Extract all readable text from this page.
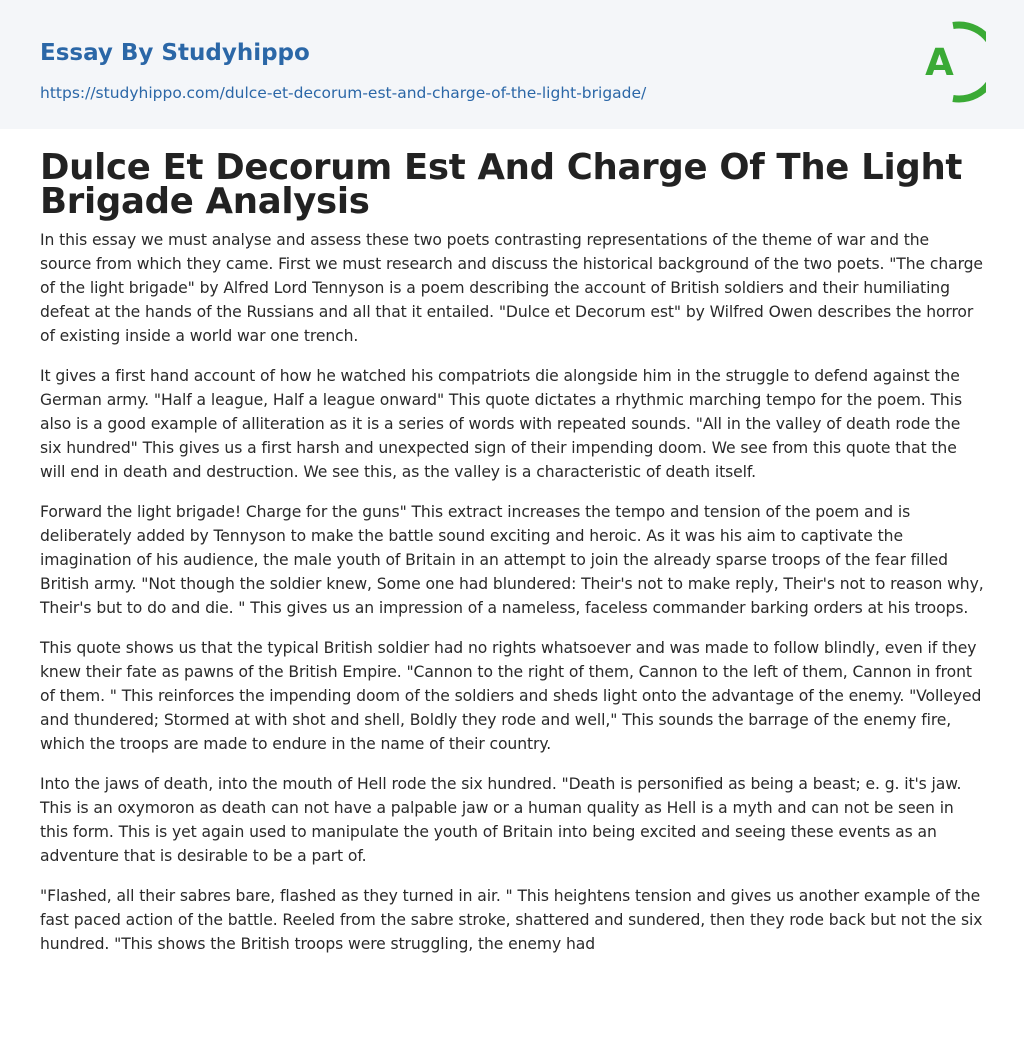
Essay By Studyhippo
https://studyhippo.com/dulce-et-decorum-est-and-charge-of-the-light-brigade/
A
Dulce Et Decorum Est And Charge Of The Light Brigade Analysis

In this essay we must analyse and assess these two poets contrasting representations of the theme of war and the source from which they came. First we must research and discuss the historical background of the two poets. "The charge of the light brigade" by Alfred Lord Tennyson is a poem describing the account of British soldiers and their humiliating defeat at the hands of the Russians and all that it entailed. "Dulce et Decorum est" by Wilfred Owen describes the horror of existing inside a world war one trench.

It gives a first hand account of how he watched his compatriots die alongside him in the struggle to defend against the German army. "Half a league, Half a league onward" This quote dictates a rhythmic marching tempo for the poem. This also is a good example of alliteration as it is a series of words with repeated sounds. "All in the valley of death rode the six hundred" This gives us a first harsh and unexpected sign of their impending doom. We see from this quote that the will end in death and destruction. We see this, as the valley is a characteristic of death itself.

Forward the light brigade! Charge for the guns" This extract increases the tempo and tension of the poem and is deliberately added by Tennyson to make the battle sound exciting and heroic. As it was his aim to captivate the imagination of his audience, the male youth of Britain in an attempt to join the already sparse troops of the fear filled British army. "Not though the soldier knew, Some one had blundered: Their's not to make reply, Their's not to reason why, Their's but to do and die. " This gives us an impression of a nameless, faceless commander barking orders at his troops.

This quote shows us that the typical British soldier had no rights whatsoever and was made to follow blindly, even if they knew their fate as pawns of the British Empire. "Cannon to the right of them, Cannon to the left of them, Cannon in front of them. " This reinforces the impending doom of the soldiers and sheds light onto the advantage of the enemy. "Volleyed and thundered; Stormed at with shot and shell, Boldly they rode and well," This sounds the barrage of the enemy fire, which the troops are made to endure in the name of their country.

Into the jaws of death, into the mouth of Hell rode the six hundred. "Death is personified as being a beast; e. g. it's jaw. This is an oxymoron as death can not have a palpable jaw or a human quality as Hell is a myth and can not be seen in this form. This is yet again used to manipulate the youth of Britain into being excited and seeing these events as an adventure that is desirable to be a part of.

"Flashed, all their sabres bare, flashed as they turned in air. " This heightens tension and gives us another example of the fast paced action of the battle. Reeled from the sabre stroke, shattered and sundered, then they rode back but not the six hundred. "This shows the British troops were struggling, the enemy had
